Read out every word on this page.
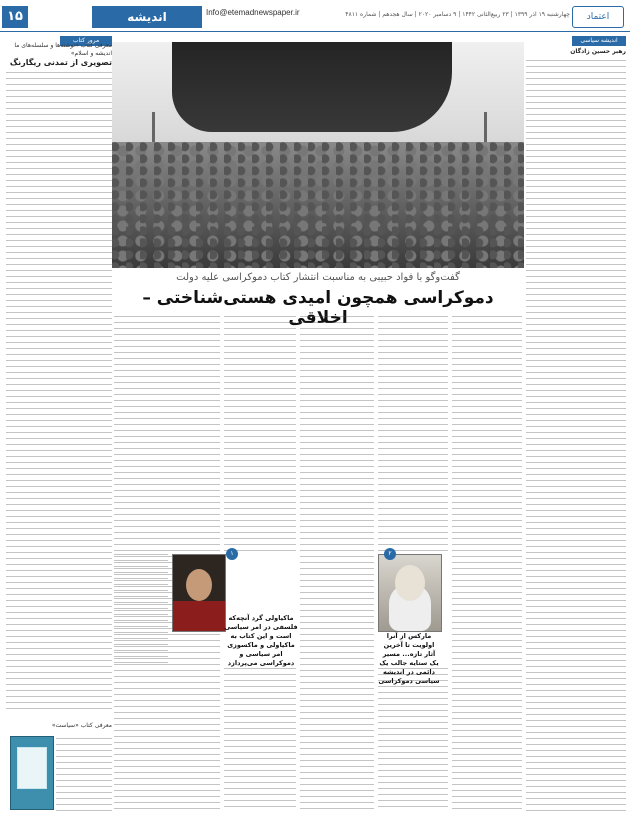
۱۵	اندیشه	Info@etemadnewspaper.ir	چهارشنبه ۱۹ آذر ۱۳۹۹ | ۲۳ ربیع‌الثانی ۱۴۴۲ | ۹ دسامبر ۲۰۲۰ | سال هجدهم | شماره ۴۸۱۱	اعتماد
مرور کتاب	اندیشه سیاسی
معرفی کتاب «نوشته‌ها و سلسله‌های ما اندیشه و اسلام»
تصویری از تمدنی ریگارنگ
معرفی کتاب «سیاست»
گفت‌وگو با فواد حبیبی به مناسبت انتشار کتاب دموکراسی علیه دولت
دموکراسی همچون امیدی هستی‌شناختی – اخلاقی
رهبر حسین زادگان
۲
۱
مارکس از آنرا اولویت تا آخرین آثار تازه... مسیر یک ستایه جالب یک دائمی در اندیشه سیاسی دموکراسی
ماکیاولی گرد آنچه‌که فلسفی در امر سیاسی است و این کتاب به ماکیاولی و ماکسوزی امر سیاسی و دموکراسی می‌پردازد
